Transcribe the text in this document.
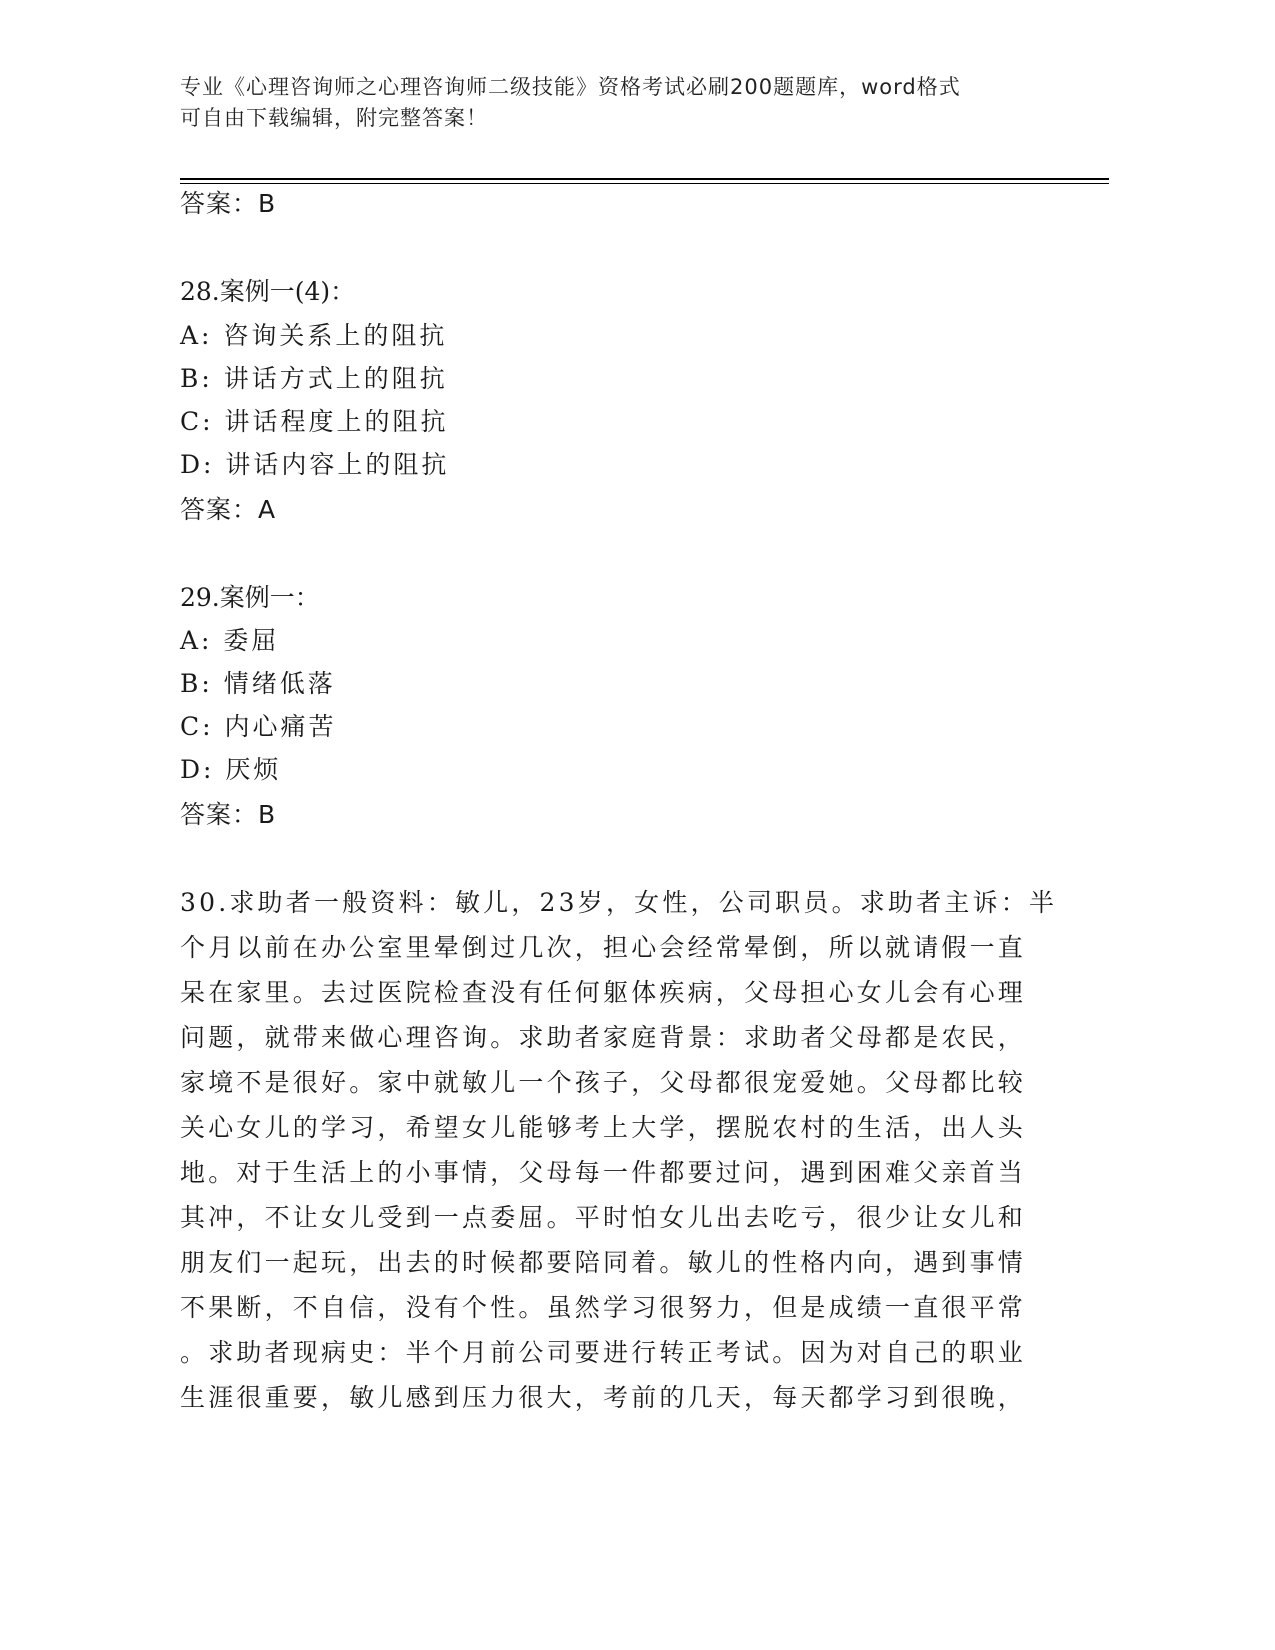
专业《心理咨询师之心理咨询师二级技能》资格考试必刷200题题库，word格式
可自由下载编辑，附完整答案！
答案：B
28.案例一(4)：
A: 咨询关系上的阻抗
B: 讲话方式上的阻抗
C: 讲话程度上的阻抗
D: 讲话内容上的阻抗
答案：A
29.案例一：
A: 委屈
B: 情绪低落
C: 内心痛苦
D: 厌烦
答案：B
30.求助者一般资料：敏儿，23岁，女性，公司职员。求助者主诉：半
个月以前在办公室里晕倒过几次，担心会经常晕倒，所以就请假一直
呆在家里。去过医院检查没有任何躯体疾病，父母担心女儿会有心理
问题，就带来做心理咨询。求助者家庭背景：求助者父母都是农民，
家境不是很好。家中就敏儿一个孩子，父母都很宠爱她。父母都比较
关心女儿的学习，希望女儿能够考上大学，摆脱农村的生活，出人头
地。对于生活上的小事情，父母每一件都要过问，遇到困难父亲首当
其冲，不让女儿受到一点委屈。平时怕女儿出去吃亏，很少让女儿和
朋友们一起玩，出去的时候都要陪同着。敏儿的性格内向，遇到事情
不果断，不自信，没有个性。虽然学习很努力，但是成绩一直很平常
。求助者现病史：半个月前公司要进行转正考试。因为对自己的职业
生涯很重要，敏儿感到压力很大，考前的几天，每天都学习到很晚，
